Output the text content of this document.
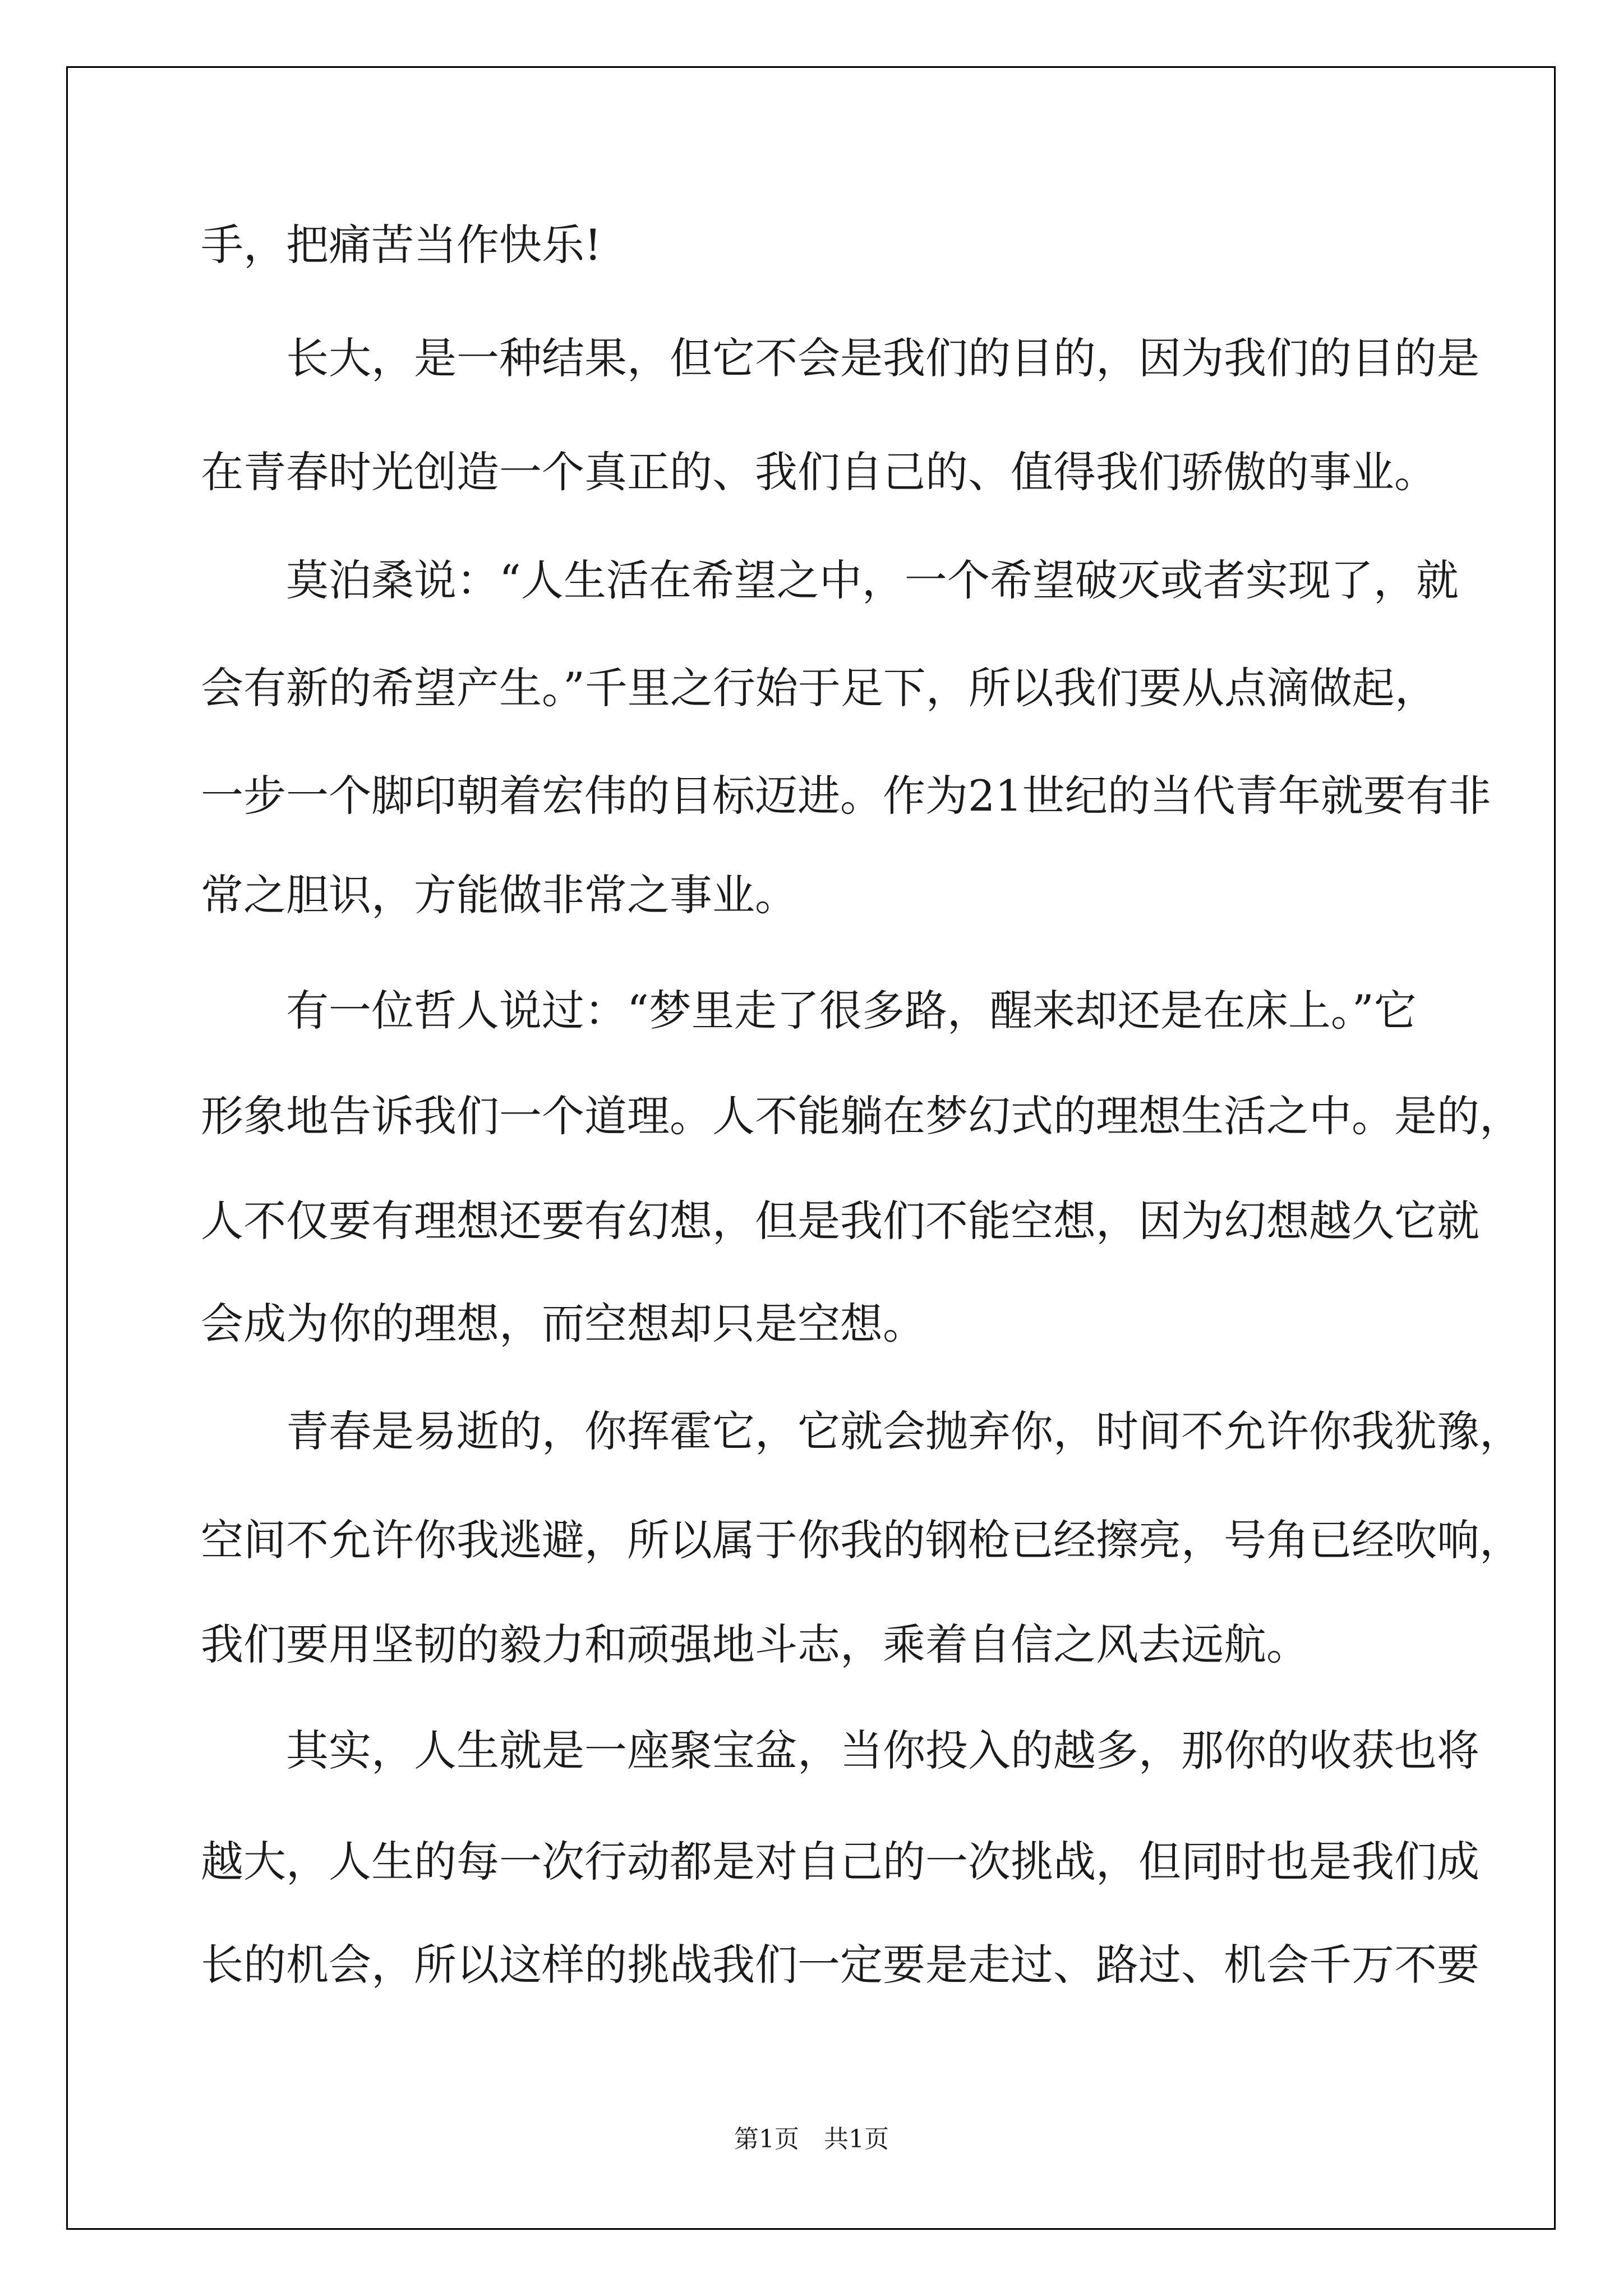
手，把痛苦当作快乐!
　　长大，是一种结果，但它不会是我们的目的，因为我们的目的是
在青春时光创造一个真正的、我们自己的、值得我们骄傲的事业。
　　莫泊桑说：“人生活在希望之中，一个希望破灭或者实现了，就
会有新的希望产生。”千里之行始于足下，所以我们要从点滴做起，
一步一个脚印朝着宏伟的目标迈进。作为21世纪的当代青年就要有非
常之胆识，方能做非常之事业。
　　有一位哲人说过：“梦里走了很多路，醒来却还是在床上。”它
形象地告诉我们一个道理。人不能躺在梦幻式的理想生活之中。是的，
人不仅要有理想还要有幻想，但是我们不能空想，因为幻想越久它就
会成为你的理想，而空想却只是空想。
　　青春是易逝的，你挥霍它，它就会抛弃你，时间不允许你我犹豫，
空间不允许你我逃避，所以属于你我的钢枪已经擦亮，号角已经吹响，
我们要用坚韧的毅力和顽强地斗志，乘着自信之风去远航。
　　其实，人生就是一座聚宝盆，当你投入的越多，那你的收获也将
越大，人生的每一次行动都是对自己的一次挑战，但同时也是我们成
长的机会，所以这样的挑战我们一定要是走过、路过、机会千万不要
第1页　共1页
